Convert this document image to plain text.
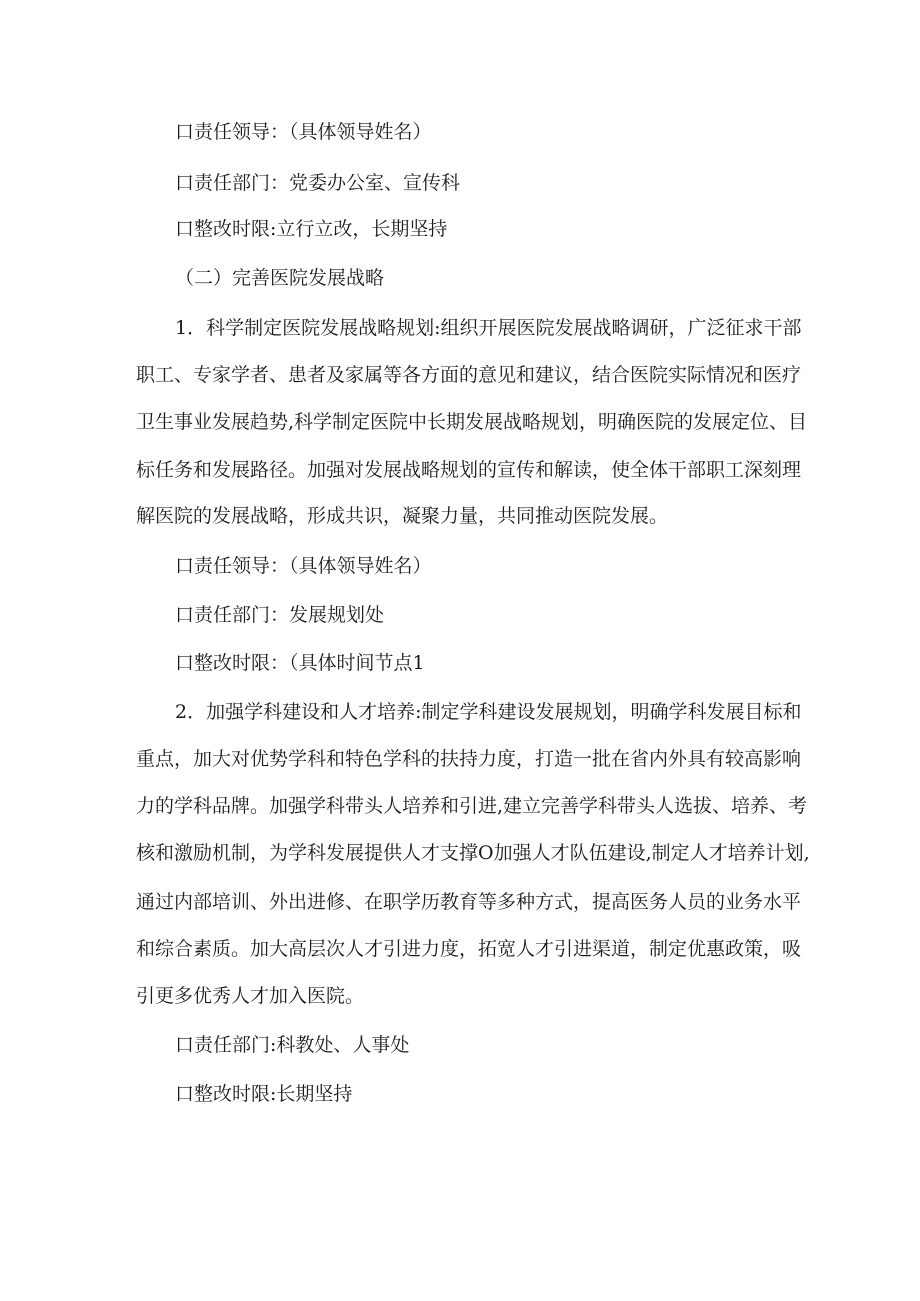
口责任领导：（具体领导姓名）
口责任部门：党委办公室、宣传科
口整改时限:立行立改，长期坚持
（二）完善医院发展战略
1．科学制定医院发展战略规划:组织开展医院发展战略调研，广泛征求干部
职工、专家学者、患者及家属等各方面的意见和建议，结合医院实际情况和医疗
卫生事业发展趋势,科学制定医院中长期发展战略规划，明确医院的发展定位、目
标任务和发展路径。加强对发展战略规划的宣传和解读，使全体干部职工深刻理
解医院的发展战略，形成共识，凝聚力量，共同推动医院发展。
口责任领导：（具体领导姓名）
口责任部门：发展规划处
口整改时限：（具体时间节点1
2．加强学科建设和人才培养:制定学科建设发展规划，明确学科发展目标和
重点，加大对优势学科和特色学科的扶持力度，打造一批在省内外具有较高影响
力的学科品牌。加强学科带头人培养和引进,建立完善学科带头人选拔、培养、考
核和激励机制，为学科发展提供人才支撑O加强人才队伍建设,制定人才培养计划,
通过内部培训、外出进修、在职学历教育等多种方式，提高医务人员的业务水平
和综合素质。加大高层次人才引进力度，拓宽人才引进渠道，制定优惠政策，吸
引更多优秀人才加入医院。
口责任部门:科教处、人事处
口整改时限:长期坚持
